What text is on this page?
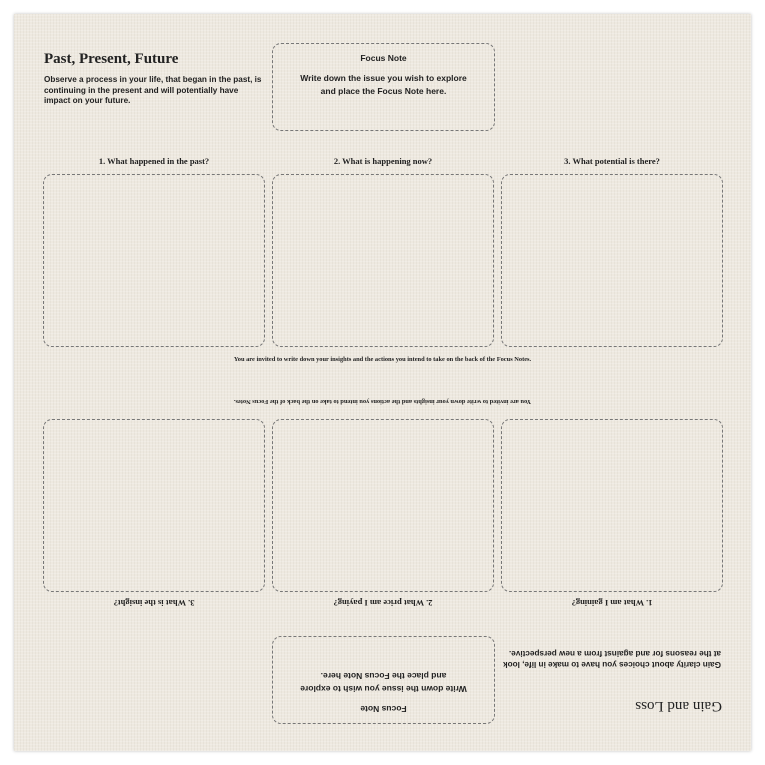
Past, Present, Future
Observe a process in your life, that began in the past, is continuing in the present and will potentially have impact on your future.
Focus Note
Write down the issue you wish to explore and place the Focus Note here.
1. What happened in the past?	2. What is happening now?	3. What potential is there?
You are invited to write down your insights and the actions you intend to take on the back of the Focus Notes.
You are invited to write down your insights and the actions you intend to take on the back of the Focus Notes.
1. What am I gaining?
2. What price am I paying?
3. What is the insight?
Focus Note
Write down the issue you wish to explore and place the Focus Note here.
Gain clarity about choices you have to make in life, look at the reasons for and against from a new perspective.
Gain and Loss
